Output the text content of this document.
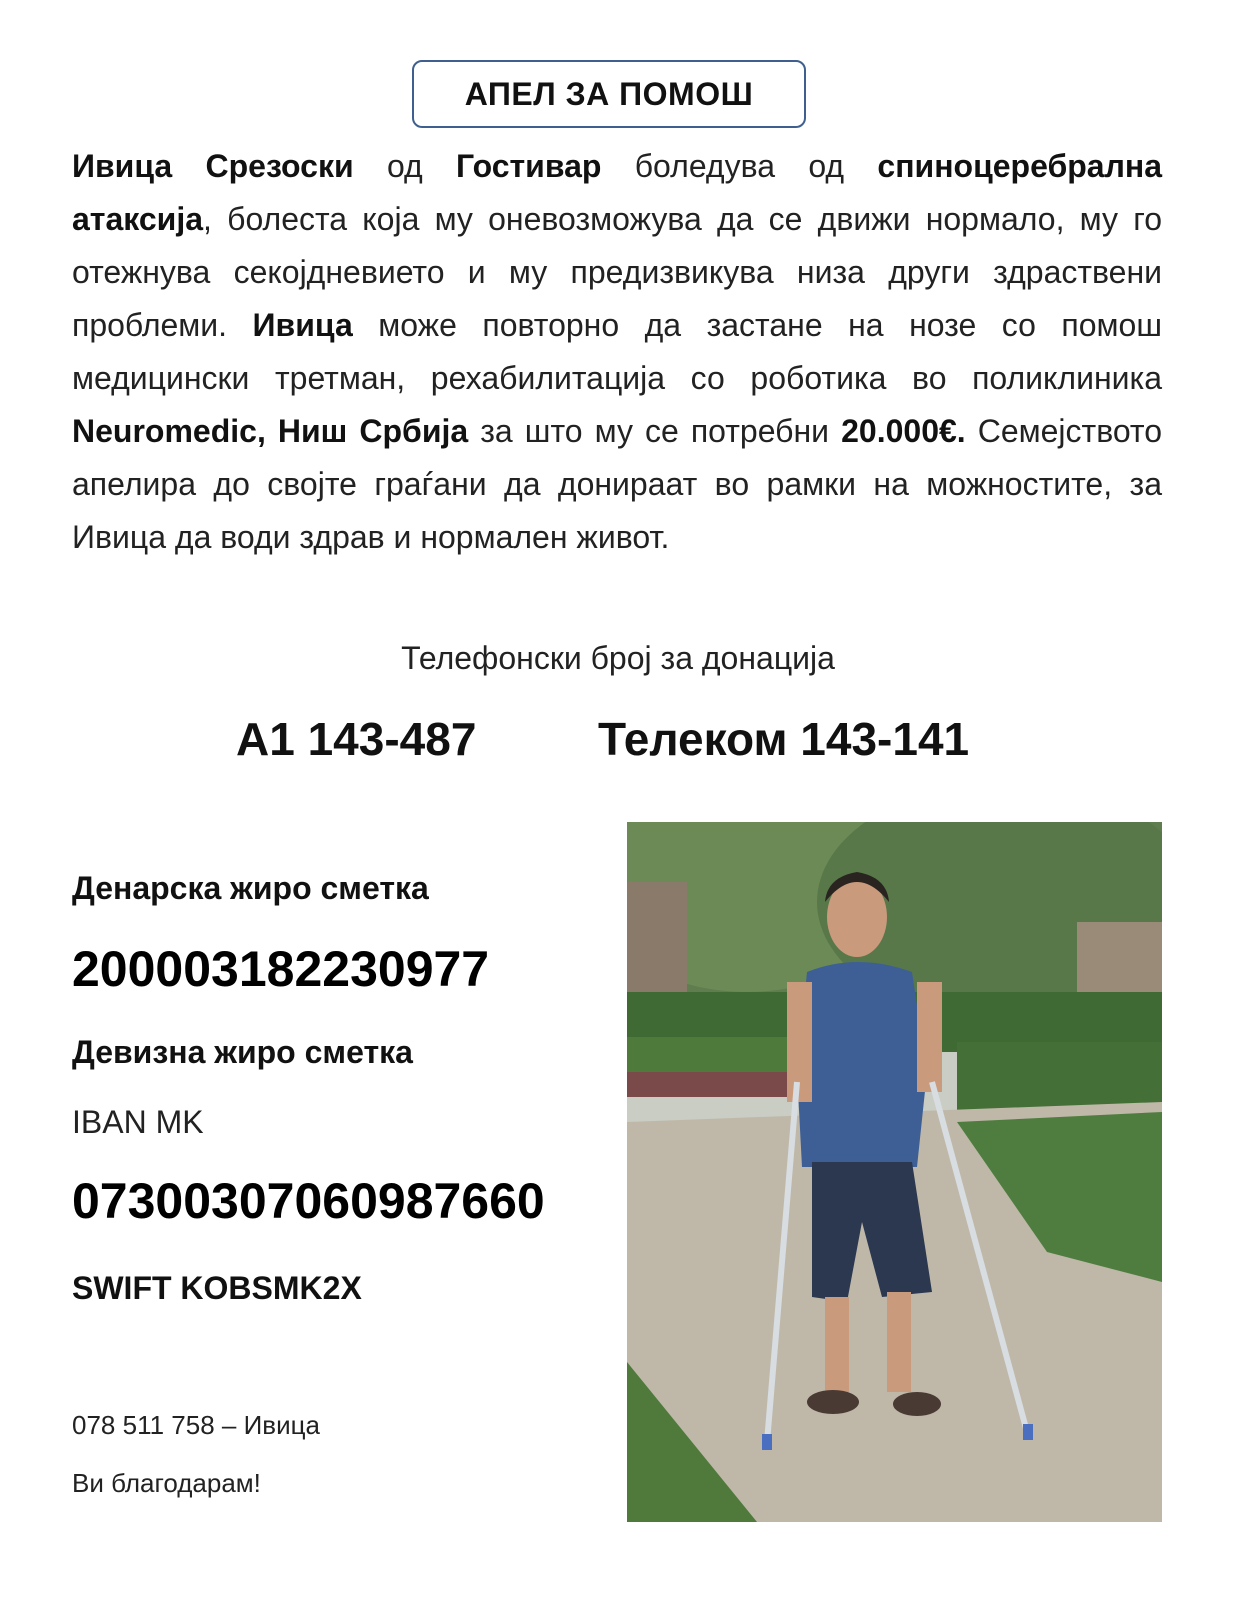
АПЕЛ ЗА ПОМОШ
Ивица Срезоски од Гостивар боледува од спиноцеребрална атаксија, болеста која му оневозможува да се движи нормало, му го отежнува секојдневието и му предизвикува низа други здраствени проблеми. Ивица може повторно да застане на нозе со помош медицински третман, рехабилитација со роботика во поликлиника Neuromedic, Ниш Србија за што му се потребни 20.000€. Семејството апелира до својте граѓани да донираат во рамки на можностите, за Ивица да води здрав и нормален живот.
Телефонски број за донација
А1 143-487	Телеком 143-141
Денарска жиро сметка
200003182230977
Девизна жиро сметка
IBAN MK
07300307060987660
SWIFT KOBSMK2X
078 511 758 – Ивица
Ви благодарам!
